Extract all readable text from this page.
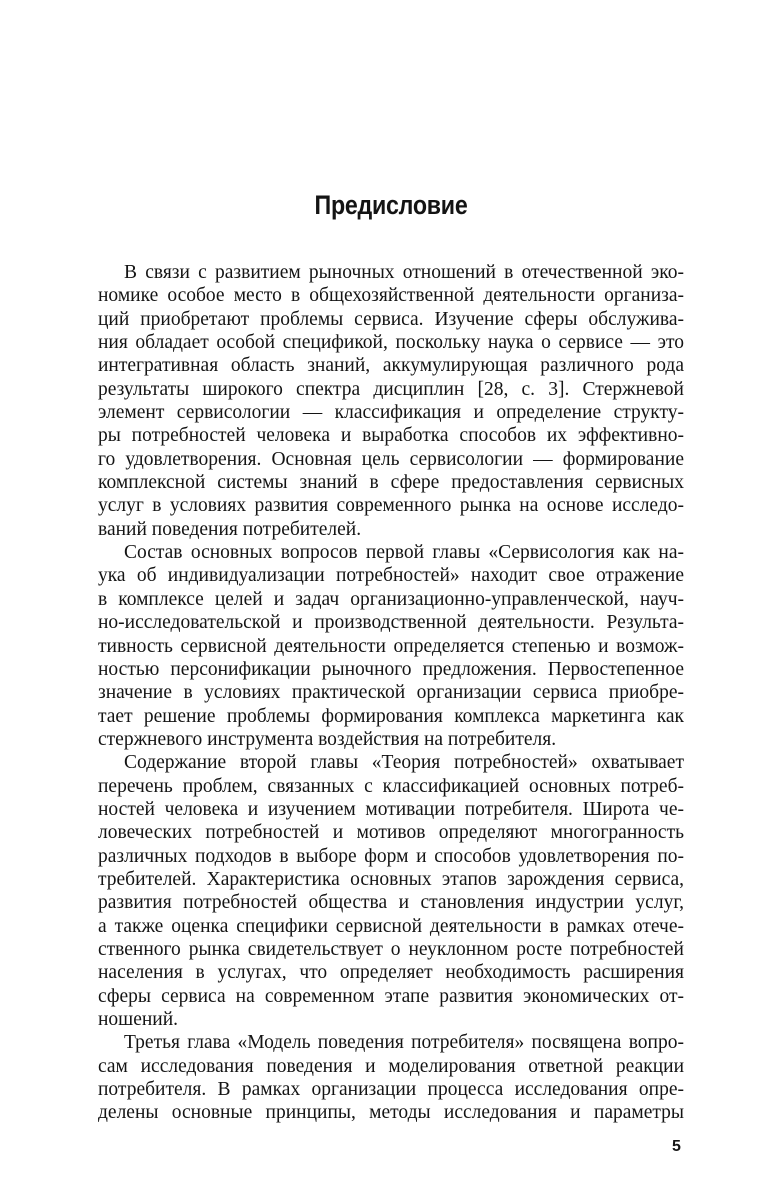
Предисловие
В связи с развитием рыночных отношений в отечественной эко-
номике особое место в общехозяйственной деятельности организа-
ций приобретают проблемы сервиса. Изучение сферы обслужива-
ния обладает особой спецификой, поскольку наука о сервисе — это
интегративная область знаний, аккумулирующая различного рода
результаты широкого спектра дисциплин [28, с. 3]. Стержневой
элемент сервисологии — классификация и определение структу-
ры потребностей человека и выработка способов их эффективно-
го удовлетворения. Основная цель сервисологии — формирование
комплексной системы знаний в сфере предоставления сервисных
услуг в условиях развития современного рынка на основе исследо-
ваний поведения потребителей.
Состав основных вопросов первой главы «Сервисология как на-
ука об индивидуализации потребностей» находит свое отражение
в комплексе целей и задач организационно-управленческой, науч-
но-исследовательской и производственной деятельности. Результа-
тивность сервисной деятельности определяется степенью и возмож-
ностью персонификации рыночного предложения. Первостепенное
значение в условиях практической организации сервиса приобре-
тает решение проблемы формирования комплекса маркетинга как
стержневого инструмента воздействия на потребителя.
Содержание второй главы «Теория потребностей» охватывает
перечень проблем, связанных с классификацией основных потреб-
ностей человека и изучением мотивации потребителя. Широта че-
ловеческих потребностей и мотивов определяют многогранность
различных подходов в выборе форм и способов удовлетворения по-
требителей. Характеристика основных этапов зарождения сервиса,
развития потребностей общества и становления индустрии услуг,
а также оценка специфики сервисной деятельности в рамках отече-
ственного рынка свидетельствует о неуклонном росте потребностей
населения в услугах, что определяет необходимость расширения
сферы сервиса на современном этапе развития экономических от-
ношений.
Третья глава «Модель поведения потребителя» посвящена вопро-
сам исследования поведения и моделирования ответной реакции
потребителя. В рамках организации процесса исследования опре-
делены основные принципы, методы исследования и параметры
5
